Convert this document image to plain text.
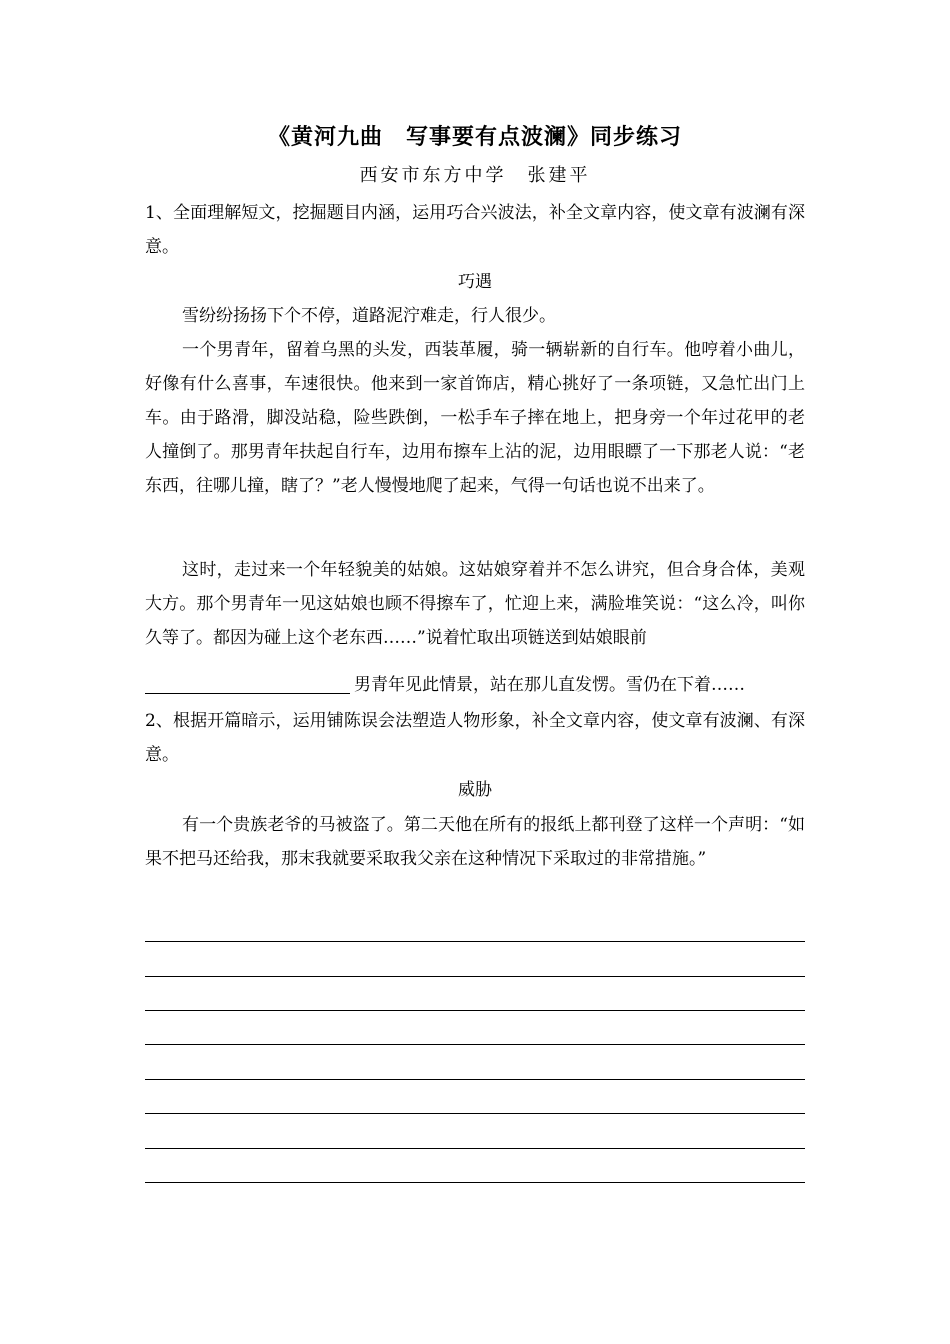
《黄河九曲　写事要有点波澜》同步练习
西安市东方中学　张建平
1、全面理解短文，挖掘题目内涵，运用巧合兴波法，补全文章内容，使文章有波澜有深意。
巧遇
雪纷纷扬扬下个不停，道路泥泞难走，行人很少。
一个男青年，留着乌黑的头发，西装革履，骑一辆崭新的自行车。他哼着小曲儿，好像有什么喜事，车速很快。他来到一家首饰店，精心挑好了一条项链，又急忙出门上车。由于路滑，脚没站稳，险些跌倒，一松手车子摔在地上，把身旁一个年过花甲的老人撞倒了。那男青年扶起自行车，边用布擦车上沾的泥，边用眼瞟了一下那老人说：“老东西，往哪儿撞，瞎了？”老人慢慢地爬了起来，气得一句话也说不出来了。
这时，走过来一个年轻貌美的姑娘。这姑娘穿着并不怎么讲究，但合身合体，美观大方。那个男青年一见这姑娘也顾不得擦车了，忙迎上来，满脸堆笑说：“这么冷，叫你久等了。都因为碰上这个老东西……”说着忙取出项链送到姑娘眼前
男青年见此情景，站在那儿直发愣。雪仍在下着……
2、根据开篇暗示，运用铺陈误会法塑造人物形象，补全文章内容，使文章有波澜、有深意。
威胁
有一个贵族老爷的马被盗了。第二天他在所有的报纸上都刊登了这样一个声明：“如果不把马还给我，那末我就要采取我父亲在这种情况下采取过的非常措施。”
